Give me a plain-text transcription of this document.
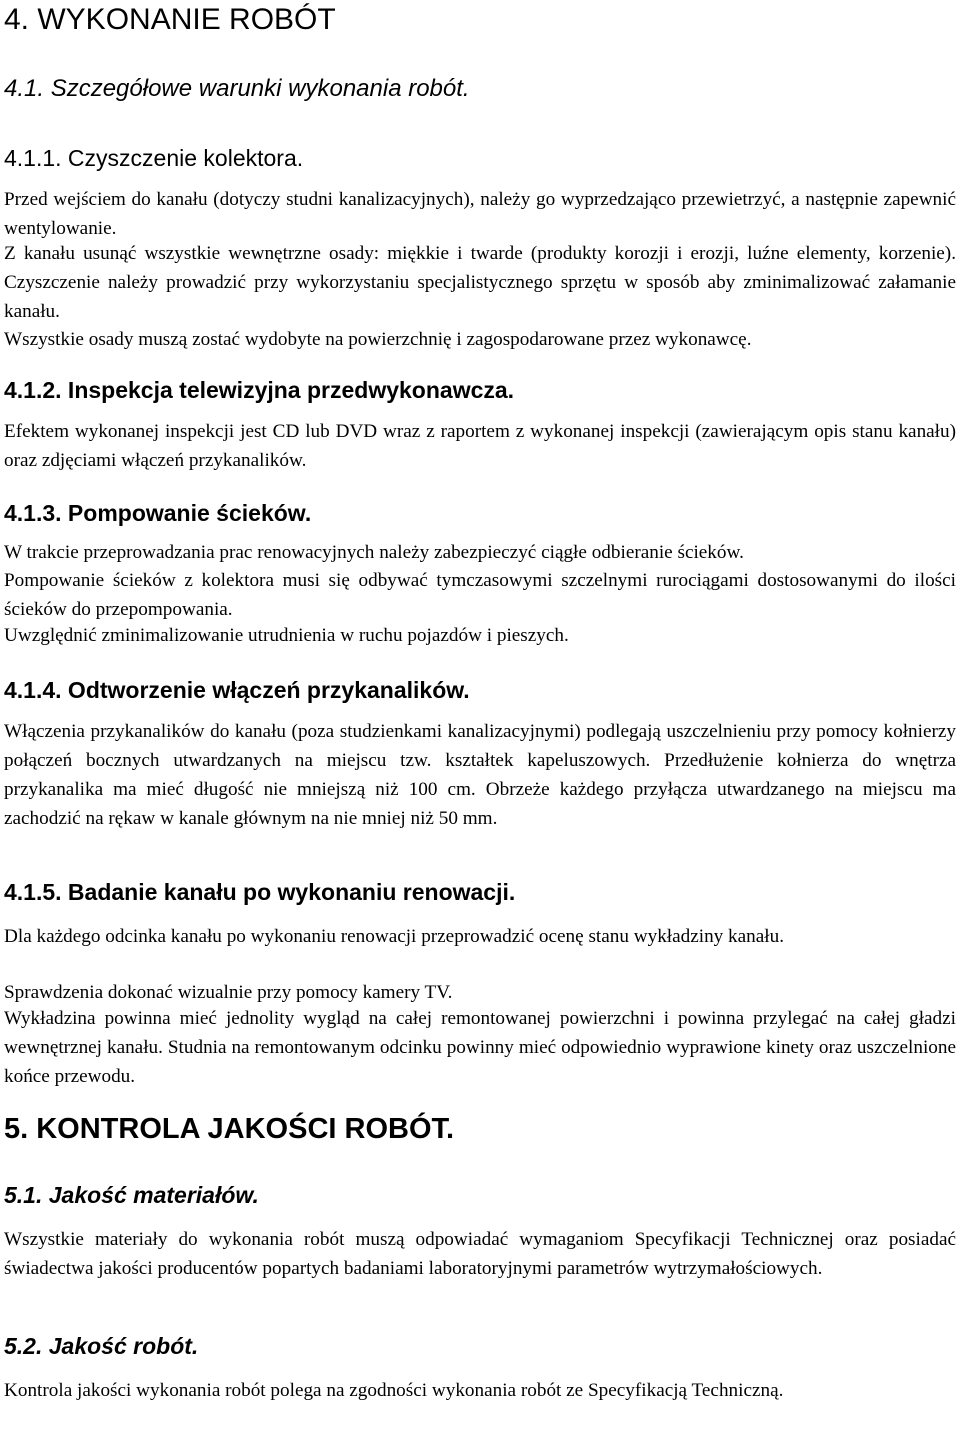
4. WYKONANIE ROBÓT
4.1. Szczegółowe warunki wykonania robót.
4.1.1. Czyszczenie kolektora.
Przed wejściem do kanału (dotyczy studni kanalizacyjnych), należy go wyprzedzająco przewietrzyć, a następnie zapewnić wentylowanie.
Z kanału usunąć wszystkie wewnętrzne osady: miękkie i twarde (produkty korozji i erozji, luźne elementy, korzenie). Czyszczenie należy prowadzić przy wykorzystaniu specjalistycznego sprzętu w sposób aby zminimalizować załamanie kanału.
Wszystkie osady muszą zostać wydobyte na powierzchnię i zagospodarowane przez wykonawcę.
4.1.2. Inspekcja telewizyjna przedwykonawcza.
Efektem wykonanej inspekcji jest CD lub DVD wraz z raportem z wykonanej inspekcji (zawierającym opis stanu kanału) oraz zdjęciami włączeń przykanalików.
4.1.3. Pompowanie ścieków.
W trakcie przeprowadzania prac renowacyjnych należy zabezpieczyć ciągłe odbieranie ścieków.
Pompowanie ścieków z kolektora musi się odbywać tymczasowymi szczelnymi rurociągami dostosowanymi do ilości ścieków do przepompowania.
Uwzględnić zminimalizowanie utrudnienia w ruchu pojazdów i pieszych.
4.1.4. Odtworzenie włączeń przykanalików.
Włączenia przykanalików do kanału (poza studzienkami kanalizacyjnymi) podlegają uszczelnieniu przy pomocy kołnierzy połączeń bocznych utwardzanych na miejscu tzw. kształtek kapeluszowych. Przedłużenie kołnierza do wnętrza przykanalika ma mieć długość nie mniejszą niż 100 cm. Obrzeże każdego przyłącza utwardzanego na miejscu ma zachodzić na rękaw w kanale głównym na nie mniej niż 50 mm.
4.1.5. Badanie kanału po wykonaniu renowacji.
Dla każdego odcinka kanału po wykonaniu renowacji przeprowadzić ocenę stanu wykładziny kanału.
Sprawdzenia dokonać wizualnie przy pomocy kamery TV.
Wykładzina powinna mieć jednolity wygląd na całej remontowanej powierzchni i powinna przylegać na całej gładzi wewnętrznej kanału. Studnia na remontowanym odcinku powinny mieć odpowiednio wyprawione kinety oraz uszczelnione końce przewodu.
5. KONTROLA JAKOŚCI ROBÓT.
5.1. Jakość materiałów.
Wszystkie materiały do wykonania robót muszą odpowiadać wymaganiom Specyfikacji Technicznej oraz posiadać świadectwa jakości producentów popartych badaniami laboratoryjnymi parametrów wytrzymałościowych.
5.2. Jakość robót.
Kontrola jakości wykonania robót polega na zgodności wykonania robót ze Specyfikacją Techniczną.
